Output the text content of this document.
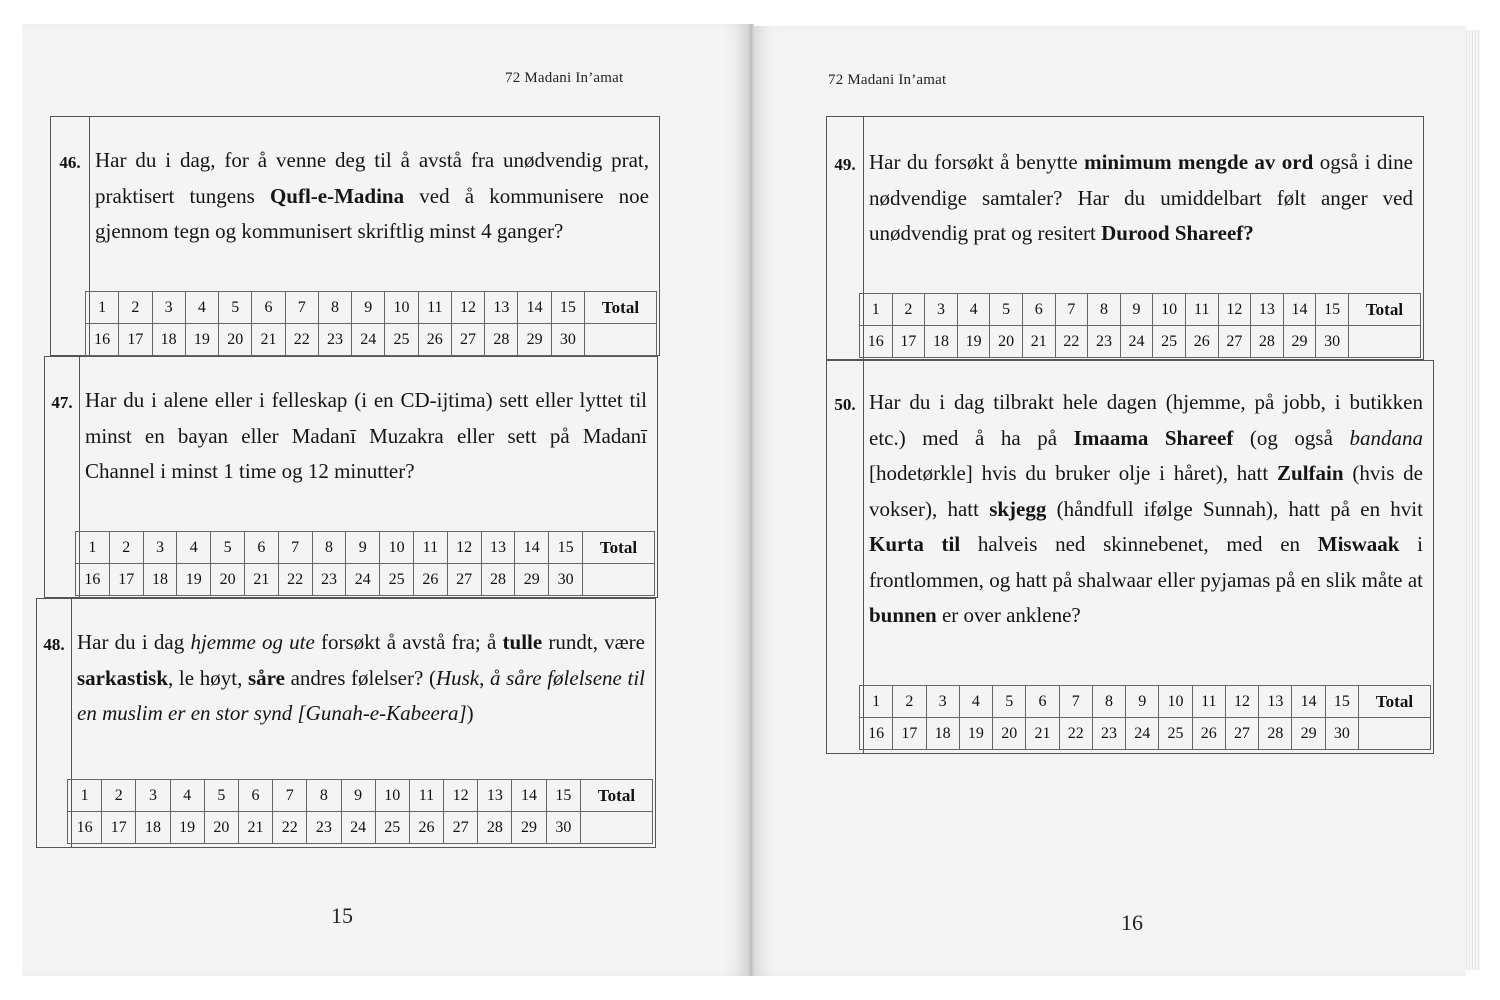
72 Madani In’amat	72 Madani In’amat
46. Har du i dag, for å venne deg til å avstå fra unødvendig prat, praktisert tungens Qufl-e-Madina ved å kommunisere noe gjennom tegn og kommunisert skriftlig minst 4 ganger?
1	2	3	4	5	6	7	8	9	10	11	12	13	14	15	Total
16	17	18	19	20	21	22	23	24	25	26	27	28	29	30	
47. Har du i alene eller i felleskap (i en CD-ijtima) sett eller lyttet til minst en bayan eller Madanī Muzakra eller sett på Madanī Channel i minst 1 time og 12 minutter?
1	2	3	4	5	6	7	8	9	10	11	12	13	14	15	Total
16	17	18	19	20	21	22	23	24	25	26	27	28	29	30	
48. Har du i dag hjemme og ute forsøkt å avstå fra; å tulle rundt, være sarkastisk, le høyt, såre andres følelser? (Husk, å såre følelsene til en muslim er en stor synd [Gunah-e-Kabeera])
1	2	3	4	5	6	7	8	9	10	11	12	13	14	15	Total
16	17	18	19	20	21	22	23	24	25	26	27	28	29	30	
49. Har du forsøkt å benytte minimum mengde av ord også i dine nødvendige samtaler? Har du umiddelbart følt anger ved unødvendig prat og resitert Durood Shareef?
1	2	3	4	5	6	7	8	9	10	11	12	13	14	15	Total
16	17	18	19	20	21	22	23	24	25	26	27	28	29	30	
50. Har du i dag tilbrakt hele dagen (hjemme, på jobb, i butikken etc.) med å ha på Imaama Shareef (og også bandana [hodetørkle] hvis du bruker olje i håret), hatt Zulfain (hvis de vokser), hatt skjegg (håndfull ifølge Sunnah), hatt på en hvit Kurta til halveis ned skinnebenet, med en Miswaak i frontlommen, og hatt på shalwaar eller pyjamas på en slik måte at bunnen er over anklene?
1	2	3	4	5	6	7	8	9	10	11	12	13	14	15	Total
16	17	18	19	20	21	22	23	24	25	26	27	28	29	30	
15	16
